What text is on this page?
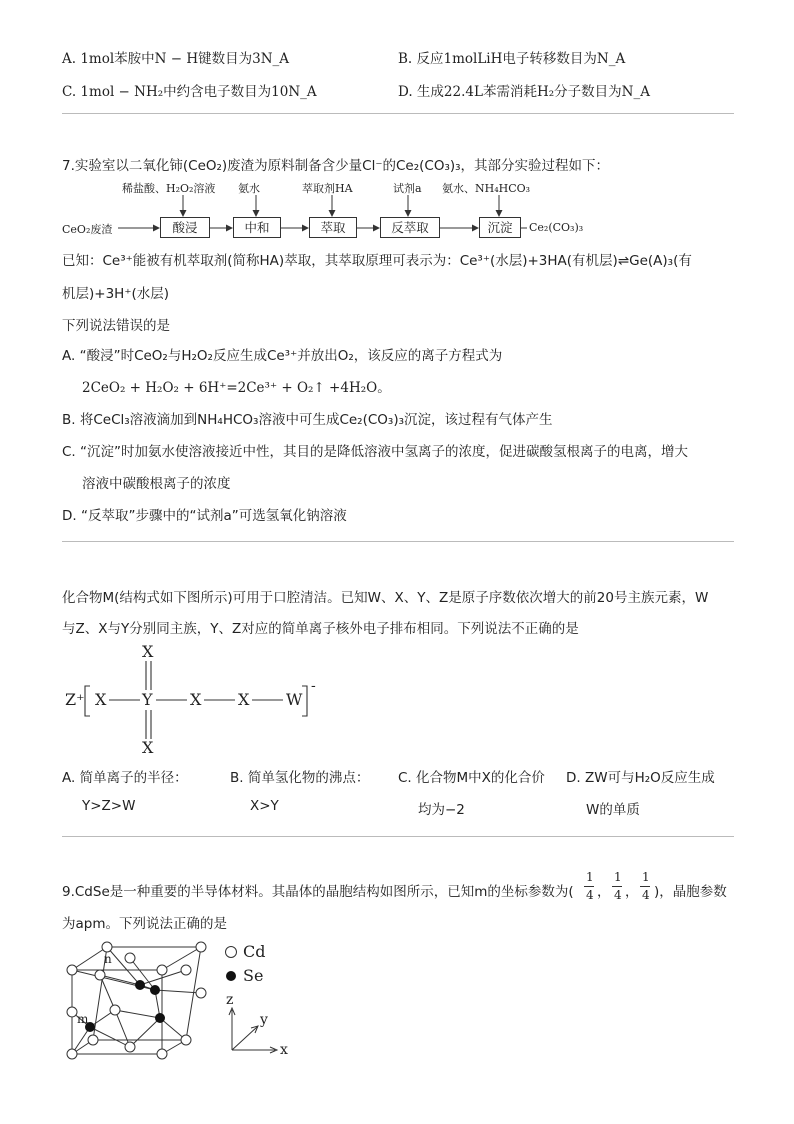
A. 1mol苯胺中N − H键数目为3N_A	B. 反应1molLiH电子转移数目为N_A
C. 1mol − NH₂中约含电子数目为10N_A	D. 生成22.4L苯需消耗H₂分子数目为N_A
7.实验室以二氧化铈(CeO₂)废渣为原料制备含少量Cl⁻的Ce₂(CO₃)₃，其部分实验过程如下：
稀盐酸、H₂O₂溶液 氨水	萃取剂HA	试剂a 氨水、NH₄HCO₃
CeO₂废渣	酸浸	中和	萃取	反萃取	沉淀	Ce₂(CO₃)₃
已知：Ce³⁺能被有机萃取剂(简称HA)萃取，其萃取原理可表示为：Ce³⁺(水层)+3HA(有机层)⇌Ge(A)₃(有
机层)+3H⁺(水层)
下列说法错误的是
A. “酸浸”时CeO₂与H₂O₂反应生成Ce³⁺并放出O₂，该反应的离子方程式为
2CeO₂ + H₂O₂ + 6H⁺=2Ce³⁺ + O₂↑ +4H₂O。
B. 将CeCl₃溶液滴加到NH₄HCO₃溶液中可生成Ce₂(CO₃)₃沉淀，该过程有气体产生
C. “沉淀”时加氨水使溶液接近中性，其目的是降低溶液中氢离子的浓度，促进碳酸氢根离子的电离，增大
溶液中碳酸根离子的浓度
D. “反萃取”步骤中的“试剂a”可选氢氧化钠溶液
化合物M(结构式如下图所示)可用于口腔清洁。已知W、X、Y、Z是原子序数依次增大的前20号主族元素，W
与Z、X与Y分别同主族，Y、Z对应的简单离子核外电子排布相同。下列说法不正确的是
Z⁺ X Y X X W
X
X
-
A. 简单离子的半径：
Y>Z>W
B. 简单氢化物的沸点：
X>Y
C. 化合物M中X的化合价
均为−2
D. ZW可与H₂O反应生成
W的单质
9.CdSe是一种重要的半导体材料。其晶体的晶胞结构如图所示，已知m的坐标参数为(
1
4 ，
1
4 ，
1
4 )，晶胞参数
为apm。下列说法正确的是
n
m
Cd
Se
z
y
x
